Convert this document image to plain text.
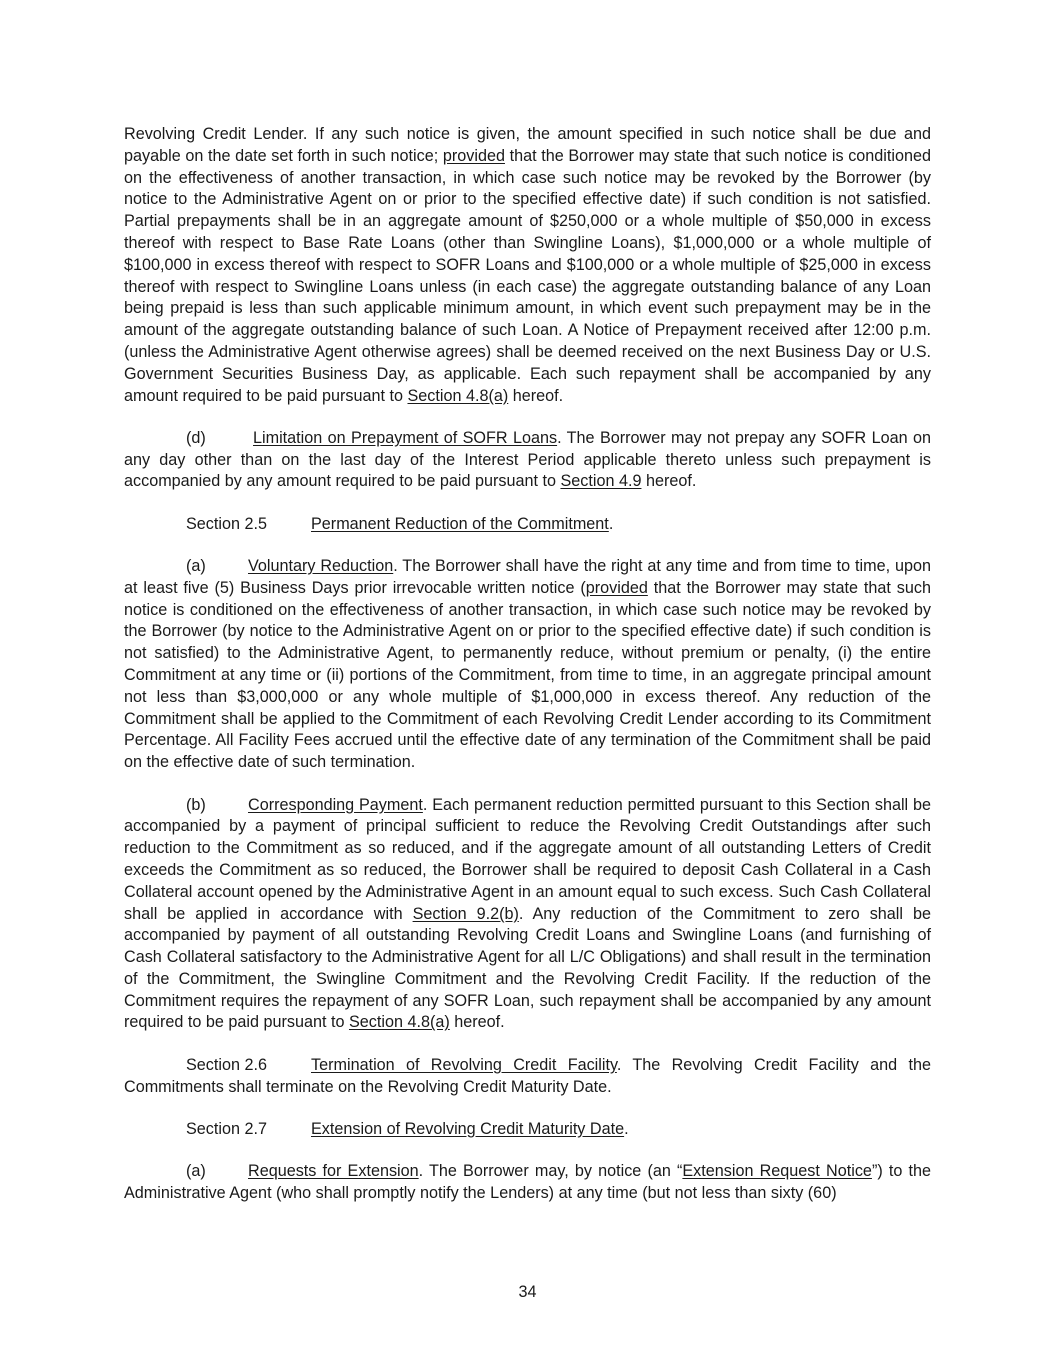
Revolving Credit Lender. If any such notice is given, the amount specified in such notice shall be due and payable on the date set forth in such notice; provided that the Borrower may state that such notice is conditioned on the effectiveness of another transaction, in which case such notice may be revoked by the Borrower (by notice to the Administrative Agent on or prior to the specified effective date) if such condition is not satisfied. Partial prepayments shall be in an aggregate amount of $250,000 or a whole multiple of $50,000 in excess thereof with respect to Base Rate Loans (other than Swingline Loans), $1,000,000 or a whole multiple of $100,000 in excess thereof with respect to SOFR Loans and $100,000 or a whole multiple of $25,000 in excess thereof with respect to Swingline Loans unless (in each case) the aggregate outstanding balance of any Loan being prepaid is less than such applicable minimum amount, in which event such prepayment may be in the amount of the aggregate outstanding balance of such Loan. A Notice of Prepayment received after 12:00 p.m. (unless the Administrative Agent otherwise agrees) shall be deemed received on the next Business Day or U.S. Government Securities Business Day, as applicable. Each such repayment shall be accompanied by any amount required to be paid pursuant to Section 4.8(a) hereof.

(d)	Limitation on Prepayment of SOFR Loans. The Borrower may not prepay any SOFR Loan on any day other than on the last day of the Interest Period applicable thereto unless such prepayment is accompanied by any amount required to be paid pursuant to Section 4.9 hereof.

Section 2.5	Permanent Reduction of the Commitment.

(a)	Voluntary Reduction. The Borrower shall have the right at any time and from time to time, upon at least five (5) Business Days prior irrevocable written notice (provided that the Borrower may state that such notice is conditioned on the effectiveness of another transaction, in which case such notice may be revoked by the Borrower (by notice to the Administrative Agent on or prior to the specified effective date) if such condition is not satisfied) to the Administrative Agent, to permanently reduce, without premium or penalty, (i) the entire Commitment at any time or (ii) portions of the Commitment, from time to time, in an aggregate principal amount not less than $3,000,000 or any whole multiple of $1,000,000 in excess thereof. Any reduction of the Commitment shall be applied to the Commitment of each Revolving Credit Lender according to its Commitment Percentage. All Facility Fees accrued until the effective date of any termination of the Commitment shall be paid on the effective date of such termination.

(b)	Corresponding Payment. Each permanent reduction permitted pursuant to this Section shall be accompanied by a payment of principal sufficient to reduce the Revolving Credit Outstandings after such reduction to the Commitment as so reduced, and if the aggregate amount of all outstanding Letters of Credit exceeds the Commitment as so reduced, the Borrower shall be required to deposit Cash Collateral in a Cash Collateral account opened by the Administrative Agent in an amount equal to such excess. Such Cash Collateral shall be applied in accordance with Section 9.2(b). Any reduction of the Commitment to zero shall be accompanied by payment of all outstanding Revolving Credit Loans and Swingline Loans (and furnishing of Cash Collateral satisfactory to the Administrative Agent for all L/C Obligations) and shall result in the termination of the Commitment, the Swingline Commitment and the Revolving Credit Facility. If the reduction of the Commitment requires the repayment of any SOFR Loan, such repayment shall be accompanied by any amount required to be paid pursuant to Section 4.8(a) hereof.

Section 2.6	Termination of Revolving Credit Facility. The Revolving Credit Facility and the Commitments shall terminate on the Revolving Credit Maturity Date.

Section 2.7	Extension of Revolving Credit Maturity Date.

(a)	Requests for Extension. The Borrower may, by notice (an “Extension Request Notice”) to the Administrative Agent (who shall promptly notify the Lenders) at any time (but not less than sixty (60)

34
